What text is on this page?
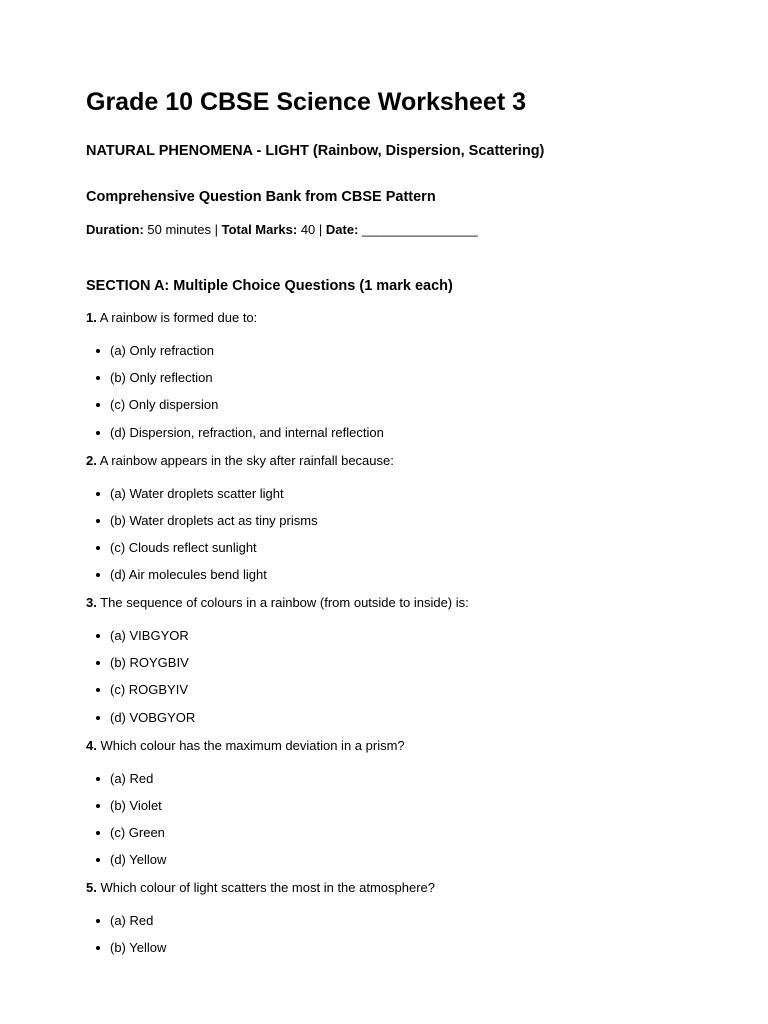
Grade 10 CBSE Science Worksheet 3

NATURAL PHENOMENA - LIGHT (Rainbow, Dispersion, Scattering)

Comprehensive Question Bank from CBSE Pattern

Duration: 50 minutes | Total Marks: 40 | Date: ________________

SECTION A: Multiple Choice Questions (1 mark each)

1. A rainbow is formed due to:
(a) Only refraction
(b) Only reflection
(c) Only dispersion
(d) Dispersion, refraction, and internal reflection
2. A rainbow appears in the sky after rainfall because:
(a) Water droplets scatter light
(b) Water droplets act as tiny prisms
(c) Clouds reflect sunlight
(d) Air molecules bend light
3. The sequence of colours in a rainbow (from outside to inside) is:
(a) VIBGYOR
(b) ROYGBIV
(c) ROGBYIV
(d) VOBGYOR
4. Which colour has the maximum deviation in a prism?
(a) Red
(b) Violet
(c) Green
(d) Yellow
5. Which colour of light scatters the most in the atmosphere?
(a) Red
(b) Yellow
